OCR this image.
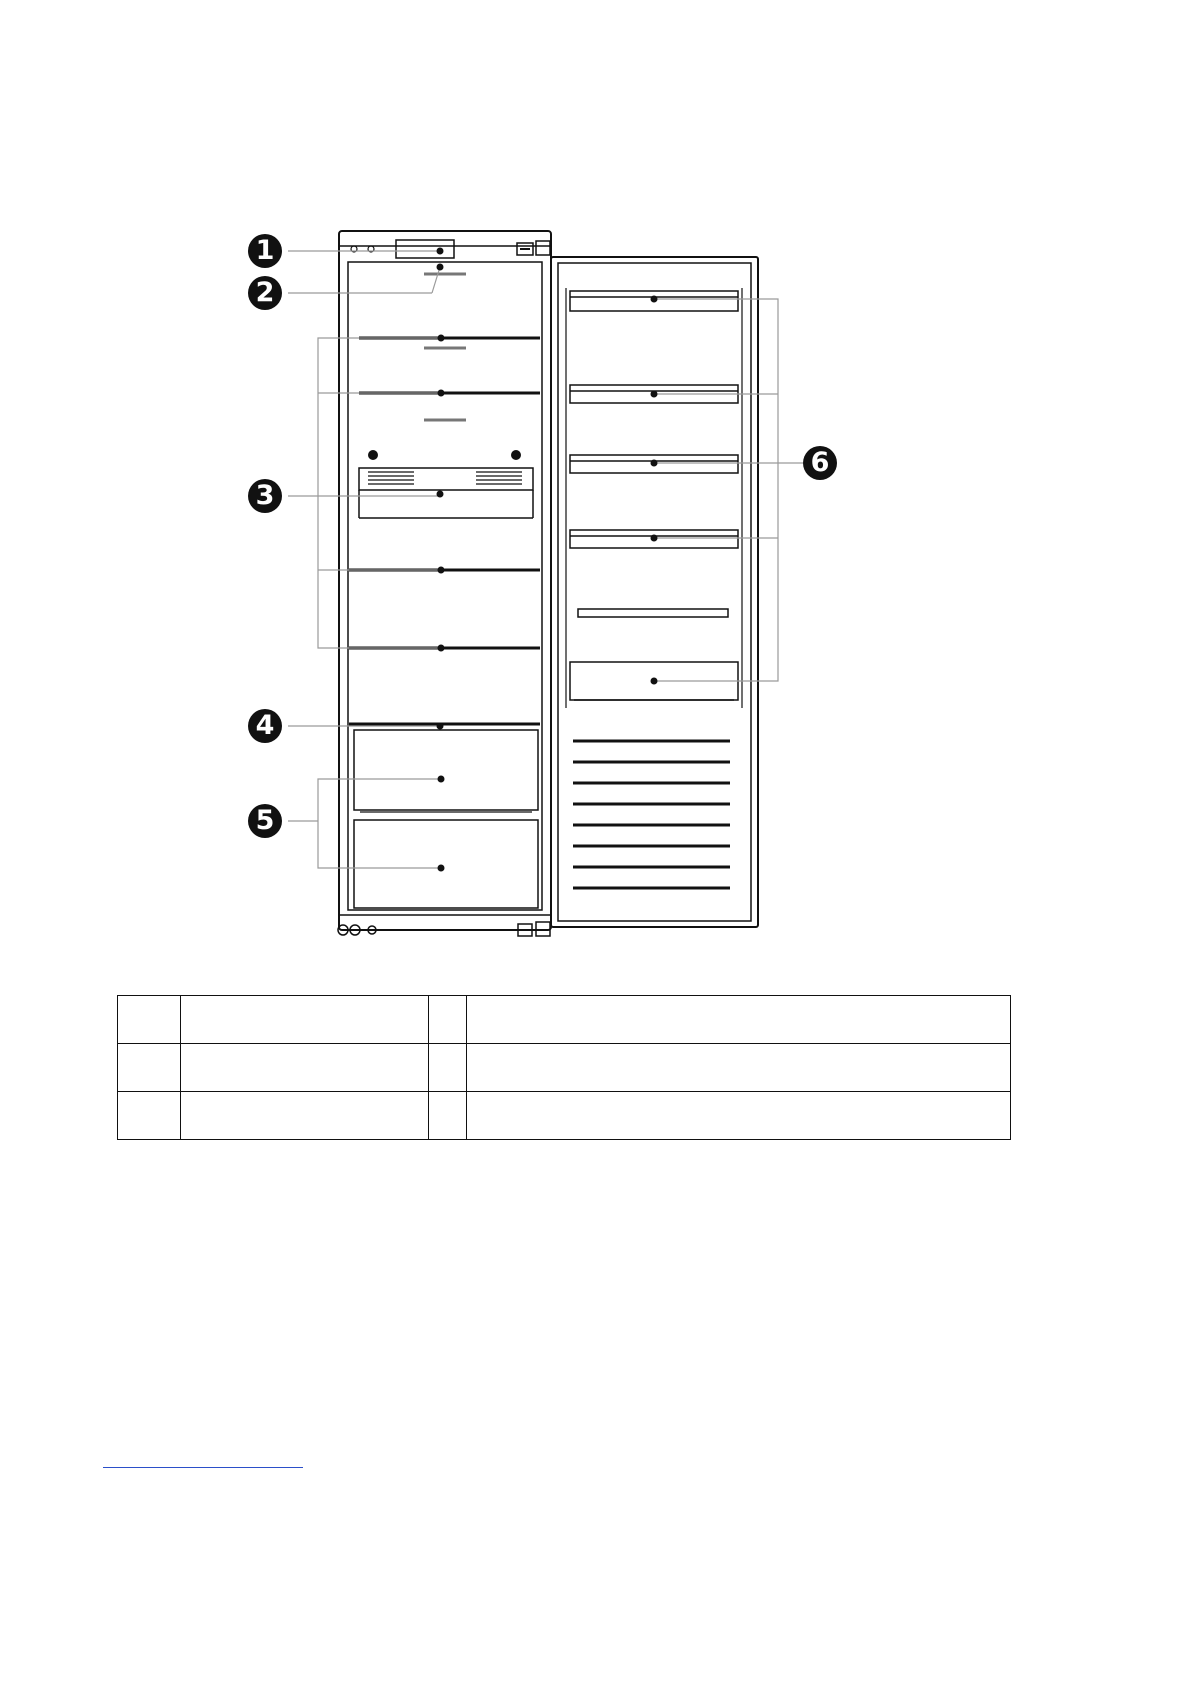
1
2
3
4
5
6
